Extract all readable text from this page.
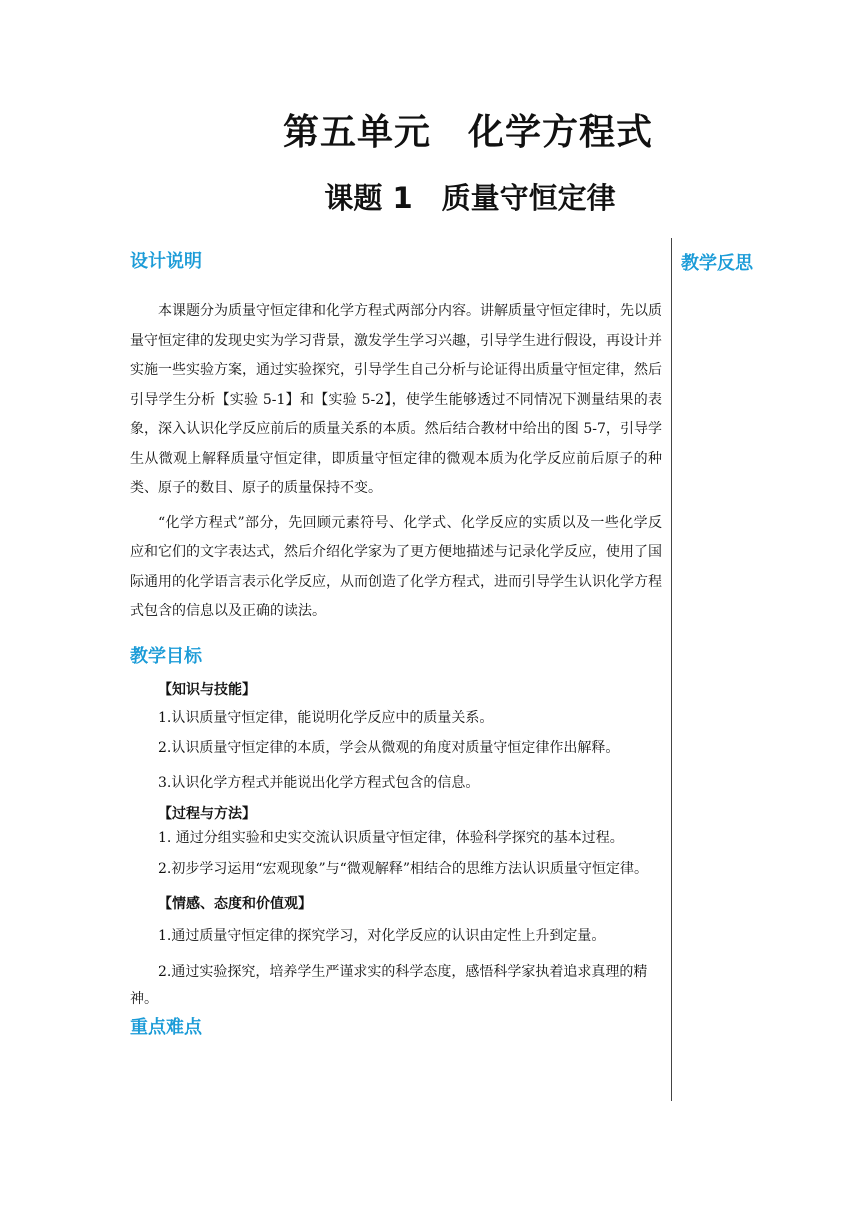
第五单元　化学方程式
课题 1　质量守恒定律
教学反思
设计说明

本课题分为质量守恒定律和化学方程式两部分内容。讲解质量守恒定律时，先以质量守恒定律的发现史实为学习背景，激发学生学习兴趣，引导学生进行假设，再设计并实施一些实验方案，通过实验探究，引导学生自己分析与论证得出质量守恒定律，然后引导学生分析【实验 5-1】和【实验 5-2】，使学生能够透过不同情况下测量结果的表象，深入认识化学反应前后的质量关系的本质。然后结合教材中给出的图 5-7，引导学生从微观上解释质量守恒定律，即质量守恒定律的微观本质为化学反应前后原子的种类、原子的数目、原子的质量保持不变。

“化学方程式”部分，先回顾元素符号、化学式、化学反应的实质以及一些化学反应和它们的文字表达式，然后介绍化学家为了更方便地描述与记录化学反应，使用了国际通用的化学语言表示化学反应，从而创造了化学方程式，进而引导学生认识化学方程式包含的信息以及正确的读法。

教学目标
【知识与技能】

1.认识质量守恒定律，能说明化学反应中的质量关系。

2.认识质量守恒定律的本质，学会从微观的角度对质量守恒定律作出解释。

3.认识化学方程式并能说出化学方程式包含的信息。

【过程与方法】

1. 通过分组实验和史实交流认识质量守恒定律，体验科学探究的基本过程。

2.初步学习运用“宏观现象”与“微观解释”相结合的思维方法认识质量守恒定律。

【情感、态度和价值观】

1.通过质量守恒定律的探究学习，对化学反应的认识由定性上升到定量。

2.通过实验探究，培养学生严谨求实的科学态度，感悟科学家执着追求真理的精神。

重点难点
